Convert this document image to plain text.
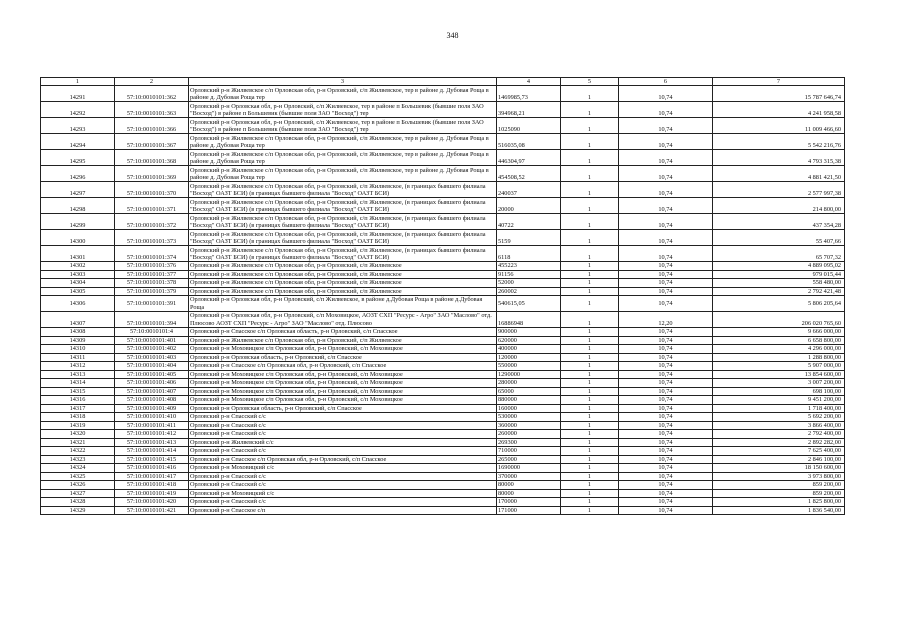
348
1	2	3	4	5	6	7
14291	57:10:0010101:362	Орловский р-н Жилвевское с/п Орловская обл, р-н Орловский, с/п Жилвевское, тер в районе д. Дубовая Роща в районе д. Дубовая Роща тер	1469985,73	1	10,74	15 787 646,74
14292	57:10:0010101:363	Орловский р-н Орловская обл, р-н Орловский, с/п Жилвевское, тер в районе п Большевик (бывшие поля ЗАО "Восход") в районе п Большевик (бывшие поля ЗАО "Восход") тер	394968,21	1	10,74	4 241 958,58
14293	57:10:0010101:366	Орловский р-н Орловская обл, р-н Орловский, с/п Жилвевское, тер в районе п Большевик (бывшие поля ЗАО "Восход") в районе п Большевик (бывшие поля ЗАО "Восход") тер	1025090	1	10,74	11 009 466,60
14294	57:10:0010101:367	Орловский р-н Жилвевское с/п Орловская обл, р-н Орловский, с/п Жилвевское, тер в районе д. Дубовая Роща в районе д. Дубовая Роща тер	516035,08	1	10,74	5 542 216,76
14295	57:10:0010101:368	Орловский р-н Жилвевское с/п Орловская обл, р-н Орловский, с/п Жилвевское, тер в районе д. Дубовая Роща в районе д. Дубовая Роща тер	446304,97	1	10,74	4 793 315,38
14296	57:10:0010101:369	Орловский р-н Жилвевское с/п Орловская обл, р-н Орловский, с/п Жилвевское, тер в районе д. Дубовая Роща в районе д. Дубовая Роща тер	454508,52	1	10,74	4 881 421,50
14297	57:10:0010101:370	Орловский р-н Жилвевское с/п Орловская обл, р-н Орловский, с/п Жилвевское, (в границах бывшего филиала "Восход" ОАЗТ БСИ) (в границах бывшего филиала "Восход" ОАЗТ БСИ)	240037	1	10,74	2 577 997,38
14298	57:10:0010101:371	Орловский р-н Жилвевское с/п Орловская обл, р-н Орловский, с/п Жилвевское, (в границах бывшего филиала "Восход" ОАЗТ БСИ) (в границах бывшего филиала "Восход" ОАЗТ БСИ)	20000	1	10,74	214 800,00
14299	57:10:0010101:372	Орловский р-н Жилвевское с/п Орловская обл, р-н Орловский, с/п Жилвевское, (в границах бывшего филиала "Восход" ОАЗТ БСИ) (в границах бывшего филиала "Восход" ОАЗТ БСИ)	40722	1	10,74	437 354,28
14300	57:10:0010101:373	Орловский р-н Жилвевское с/п Орловская обл, р-н Орловский, с/п Жилвевское, (в границах бывшего филиала "Восход" ОАЗТ БСИ) (в границах бывшего филиала "Восход" ОАЗТ БСИ)	5159	1	10,74	55 407,66
14301	57:10:0010101:374	Орловский р-н Жилвевское с/п Орловская обл, р-н Орловский, с/п Жилвевское, (в границах бывшего филиала "Восход" ОАЗТ БСИ) (в границах бывшего филиала "Восход" ОАЗТ БСИ)	6118	1	10,74	65 707,32
14302	57:10:0010101:376	Орловский р-н Жилвевское с/п Орловская обл, р-н Орловский, с/п Жилвевское	455223	1	10,74	4 889 095,02
14303	57:10:0010101:377	Орловский р-н Жилвевское с/п Орловская обл, р-н Орловский, с/п Жилвевское	91156	1	10,74	979 015,44
14304	57:10:0010101:378	Орловский р-н Жилвевское с/п Орловская обл, р-н Орловский, с/п Жилвевское	52000	1	10,74	558 480,00
14305	57:10:0010101:379	Орловский р-н Жилвевское с/п Орловская обл, р-н Орловский, с/п Жилвевское	260002	1	10,74	2 792 421,48
14306	57:10:0010101:391	Орловский р-н Орловская обл, р-н Орловский, с/п Жилвевское, в районе д.Дубовая Роща в районе д.Дубовая Роща	540615,05	1	10,74	5 806 205,64
14307	57:10:0010101:394	Орловский р-н Орловская обл, р-н Орловский, с/п Моховицкое, АОЗТ СХП "Ресурс - Агро" ЗАО "Маслово" отд. Плюсово АОЗТ СХП "Ресурс - Агро" ЗАО "Маслово" отд. Плюсово	16886948	1	12,20	206 020 765,60
14308	57:10:0010101:4	Орловский р-н Спасское с/п Орловская область, р-н Орловский, с/п Спасское	900000	1	10,74	9 666 000,00
14309	57:10:0010101:401	Орловский р-н Жилвевское с/п Орловская обл, р-н Орловский, с/п Жилвевское	620000	1	10,74	6 658 800,00
14310	57:10:0010101:402	Орловский р-н Моховицкое с/п Орловская обл, р-н Орловский, с/п Моховицкое	400000	1	10,74	4 296 000,00
14311	57:10:0010101:403	Орловский р-н Орловская область, р-н Орловский, с/п Спасское	120000	1	10,74	1 288 800,00
14312	57:10:0010101:404	Орловский р-н Спасское с/п Орловская обл, р-н Орловский, с/п Спасское	550000	1	10,74	5 907 000,00
14313	57:10:0010101:405	Орловский р-н Моховицкое с/п Орловская обл, р-н Орловский, с/п Моховицкое	1290000	1	10,74	13 854 600,00
14314	57:10:0010101:406	Орловский р-н Моховицкое с/п Орловская обл, р-н Орловский, с/п Моховицкое	280000	1	10,74	3 007 200,00
14315	57:10:0010101:407	Орловский р-н Моховицкое с/п Орловская обл, р-н Орловский, с/п Моховицкое	65000	1	10,74	698 100,00
14316	57:10:0010101:408	Орловский р-н Моховицкое с/п Орловская обл, р-н Орловский, с/п Моховицкое	880000	1	10,74	9 451 200,00
14317	57:10:0010101:409	Орловский р-н Орловская область, р-н Орловский, с/п Спасское	160000	1	10,74	1 718 400,00
14318	57:10:0010101:410	Орловский р-н Спасский с/с	530000	1	10,74	5 692 200,00
14319	57:10:0010101:411	Орловский р-н Спасский с/с	360000	1	10,74	3 866 400,00
14320	57:10:0010101:412	Орловский р-н Спасский с/с	260000	1	10,74	2 792 400,00
14321	57:10:0010101:413	Орловский р-н Жилвевский с/с	269300	1	10,74	2 892 282,00
14322	57:10:0010101:414	Орловский р-н Спасский с/с	710000	1	10,74	7 625 400,00
14323	57:10:0010101:415	Орловский р-н Спасское с/п Орловская обл, р-н Орловский, с/п Спасское	265000	1	10,74	2 846 100,00
14324	57:10:0010101:416	Орловский р-н Моховицкий с/с	1690000	1	10,74	18 150 600,00
14325	57:10:0010101:417	Орловский р-н Спасский с/с	370000	1	10,74	3 973 800,00
14326	57:10:0010101:418	Орловский р-н Спасский с/с	80000	1	10,74	859 200,00
14327	57:10:0010101:419	Орловский р-н Моховицкий с/с	80000	1	10,74	859 200,00
14328	57:10:0010101:420	Орловский р-н Спасский с/с	170000	1	10,74	1 825 800,00
14329	57:10:0010101:421	Орловский р-н Спасское с/п	171000	1	10,74	1 836 540,00
